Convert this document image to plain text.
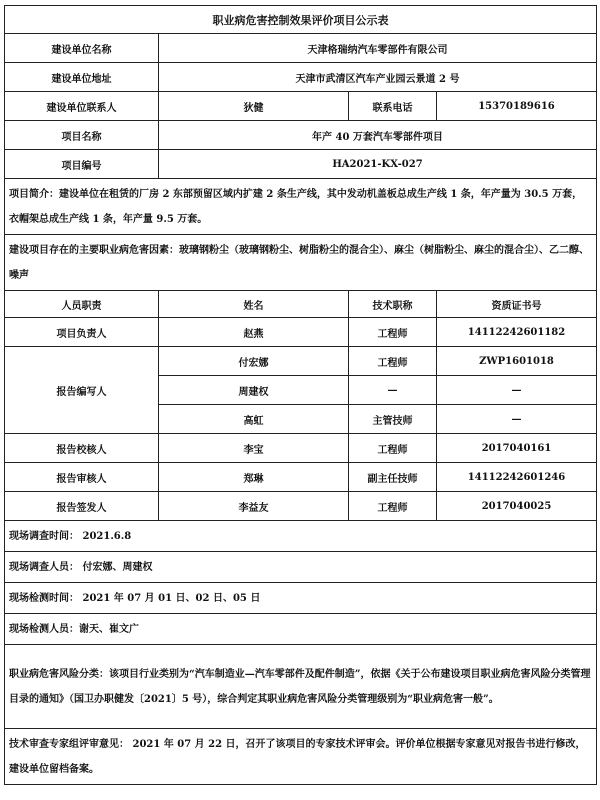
职业病危害控制效果评价项目公示表			
建设单位名称	天津格瑞纳汽车零部件有限公司		
建设单位地址	天津市武清区汽车产业园云景道 2 号		
建设单位联系人	狄健	联系电话	15370189616
项目名称	年产 40 万套汽车零部件项目		
项目编号	HA2021-KX-027		
项目简介：建设单位在租赁的厂房 2 东部预留区域内扩建 2 条生产线，其中发动机盖板总成生产线 1 条，年产量为 30.5 万套，衣帽架总成生产线 1 条，年产量 9.5 万套。			
建设项目存在的主要职业病危害因素：玻璃钢粉尘（玻璃钢粉尘、树脂粉尘的混合尘）、麻尘（树脂粉尘、麻尘的混合尘）、乙二醇、噪声			
人员职责	姓名	技术职称	资质证书号
项目负责人	赵燕	工程师	14112242601182
报告编写人	付宏娜	工程师	ZWP1601018
	周建权	—	—
	高虹	主管技师	—
报告校核人	李宝	工程师	2017040161
报告审核人	郑琳	副主任技师	14112242601246
报告签发人	李益友	工程师	2017040025
现场调查时间： 2021.6.8			
现场调查人员： 付宏娜、周建权			
现场检测时间： 2021 年 07 月 01 日、02 日、05 日			
现场检测人员：谢天、崔文广			
职业病危害风险分类：该项目行业类别为“汽车制造业—汽车零部件及配件制造”，依据《关于公布建设项目职业病危害风险分类管理目录的通知》（国卫办职健发〔2021〕5 号），综合判定其职业病危害风险分类管理级别为“职业病危害一般”。			
技术审查专家组评审意见： 2021 年 07 月 22 日，召开了该项目的专家技术评审会。评价单位根据专家意见对报告书进行修改，建设单位留档备案。			
